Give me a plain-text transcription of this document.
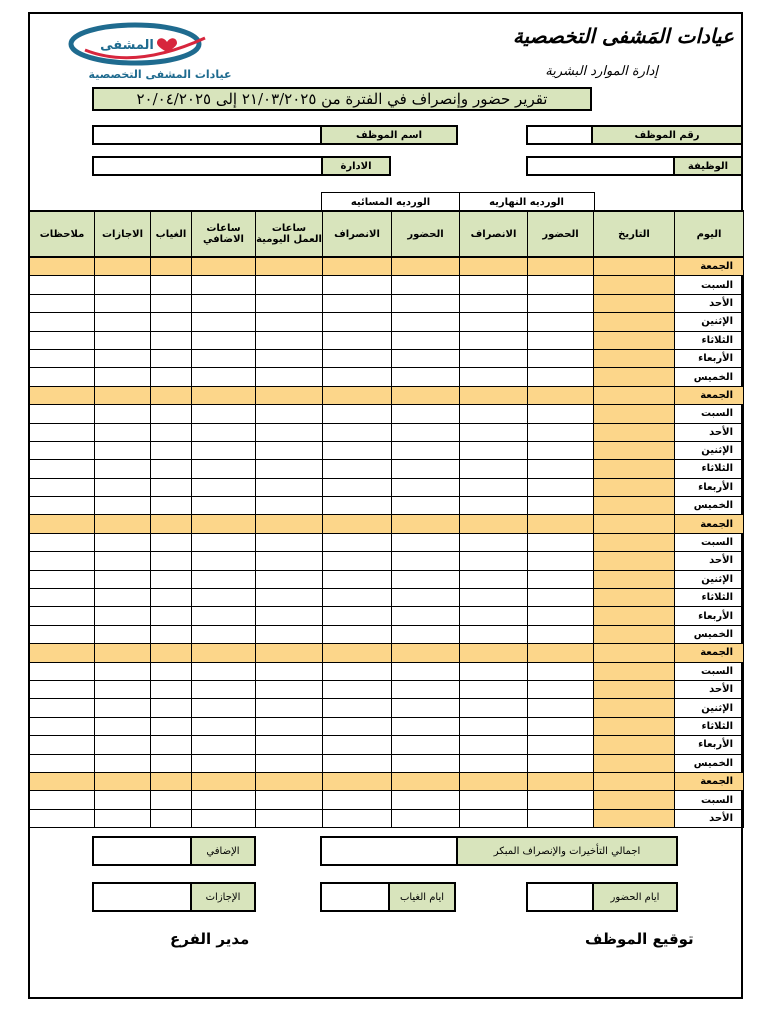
عيادات المَشفى التخصصية
إدارة الموارد البشرية
المشفى
عيادات المشفى التخصصية
تقرير حضور وإنصراف في الفترة من ٢١/٠٣/٢٠٢٥ إلى ٢٠/٠٤/٢٠٢٥
رقم الموظف
اسم الموظف
الوظيفة
الادارة
الورديه النهاريه
الورديه المسائيه
اليوم	التاريخ	الحضور	الانصراف	الحضور	الانصراف	ساعات العمل اليومية	ساعات الاضافي	الغياب	الاجازات	ملاحظات
الجمعة										
السبت										
الأحد										
الإثنين										
الثلاثاء										
الأربعاء										
الخميس										
الجمعة										
السبت										
الأحد										
الإثنين										
الثلاثاء										
الأربعاء										
الخميس										
الجمعة										
السبت										
الأحد										
الإثنين										
الثلاثاء										
الأربعاء										
الخميس										
الجمعة										
السبت										
الأحد										
الإثنين										
الثلاثاء										
الأربعاء										
الخميس										
الجمعة										
السبت										
الأحد										
الإضافي	اجمالي التأخيرات والإنصراف المبكر
الإجازات	ايام الغياب	ايام الحضور
توقيع الموظف
مدير الفرع
